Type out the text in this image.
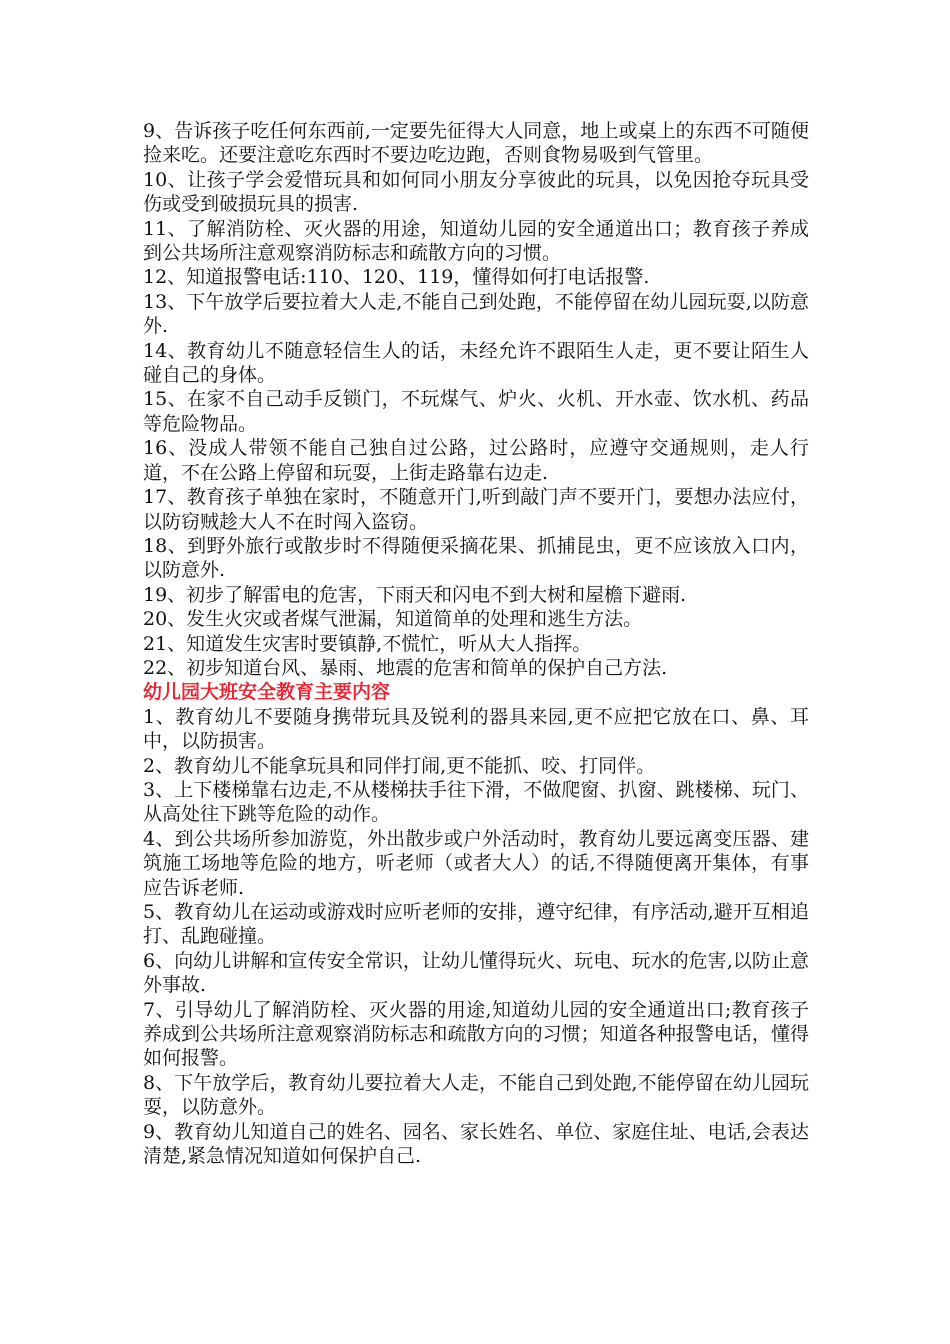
9、告诉孩子吃任何东西前,一定要先征得大人同意，地上或桌上的东西不可随便捡来吃。还要注意吃东西时不要边吃边跑，否则食物易吸到气管里。

10、让孩子学会爱惜玩具和如何同小朋友分享彼此的玩具，以免因抢夺玩具受伤或受到破损玩具的损害.

11、了解消防栓、灭火器的用途，知道幼儿园的安全通道出口；教育孩子养成到公共场所注意观察消防标志和疏散方向的习惯。

12、知道报警电话:110、120、119，懂得如何打电话报警.

13、下午放学后要拉着大人走,不能自己到处跑，不能停留在幼儿园玩耍,以防意外.

14、教育幼儿不随意轻信生人的话，未经允许不跟陌生人走，更不要让陌生人碰自己的身体。

15、在家不自己动手反锁门，不玩煤气、炉火、火机、开水壶、饮水机、药品等危险物品。

16、没成人带领不能自己独自过公路，过公路时，应遵守交通规则，走人行道，不在公路上停留和玩耍，上街走路靠右边走.

17、教育孩子单独在家时，不随意开门,听到敲门声不要开门，要想办法应付，以防窃贼趁大人不在时闯入盗窃。

18、到野外旅行或散步时不得随便采摘花果、抓捕昆虫，更不应该放入口内，以防意外.

19、初步了解雷电的危害，下雨天和闪电不到大树和屋檐下避雨.

20、发生火灾或者煤气泄漏，知道简单的处理和逃生方法。

21、知道发生灾害时要镇静,不慌忙，听从大人指挥。

22、初步知道台风、暴雨、地震的危害和简单的保护自己方法.

幼儿园大班安全教育主要内容

1、教育幼儿不要随身携带玩具及锐利的器具来园,更不应把它放在口、鼻、耳中，以防损害。

2、教育幼儿不能拿玩具和同伴打闹,更不能抓、咬、打同伴。

3、上下楼梯靠右边走,不从楼梯扶手往下滑，不做爬窗、扒窗、跳楼梯、玩门、从高处往下跳等危险的动作。

4、到公共场所参加游览，外出散步或户外活动时，教育幼儿要远离变压器、建筑施工场地等危险的地方，听老师（或者大人）的话,不得随便离开集体，有事应告诉老师.

5、教育幼儿在运动或游戏时应听老师的安排，遵守纪律，有序活动,避开互相追打、乱跑碰撞。

6、向幼儿讲解和宣传安全常识，让幼儿懂得玩火、玩电、玩水的危害,以防止意外事故.

7、引导幼儿了解消防栓、灭火器的用途,知道幼儿园的安全通道出口;教育孩子养成到公共场所注意观察消防标志和疏散方向的习惯；知道各种报警电话，懂得如何报警。

8、下午放学后，教育幼儿要拉着大人走，不能自己到处跑,不能停留在幼儿园玩耍，以防意外。

9、教育幼儿知道自己的姓名、园名、家长姓名、单位、家庭住址、电话,会表达清楚,紧急情况知道如何保护自己.
